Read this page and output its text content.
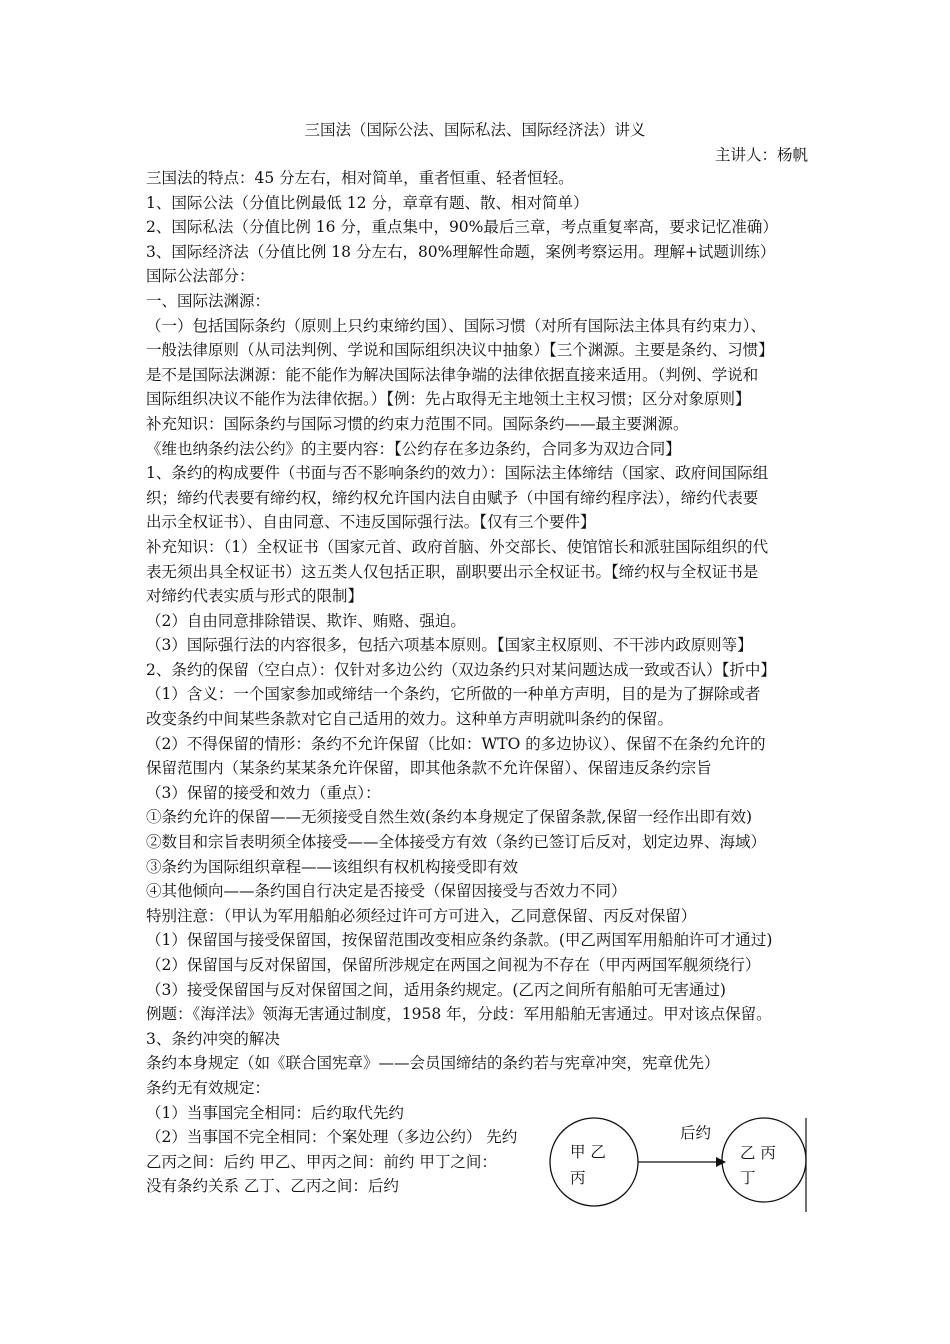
三国法（国际公法、国际私法、国际经济法）讲义
主讲人：杨帆
三国法的特点：45 分左右，相对简单，重者恒重、轻者恒轻。
1、国际公法（分值比例最低 12 分，章章有题、散、相对简单）
2、国际私法（分值比例 16 分，重点集中，90%最后三章，考点重复率高，要求记忆准确）
3、国际经济法（分值比例 18 分左右，80%理解性命题，案例考察运用。理解+试题训练）
国际公法部分：
一、国际法渊源：
（一）包括国际条约（原则上只约束缔约国）、国际习惯（对所有国际法主体具有约束力）、
一般法律原则（从司法判例、学说和国际组织决议中抽象）【三个渊源。主要是条约、习惯】
是不是国际法渊源：能不能作为解决国际法律争端的法律依据直接来适用。（判例、学说和
国际组织决议不能作为法律依据。）【例：先占取得无主地领土主权习惯；区分对象原则】
补充知识：国际条约与国际习惯的约束力范围不同。国际条约——最主要渊源。
《维也纳条约法公约》的主要内容：【公约存在多边条约，合同多为双边合同】
1、条约的构成要件（书面与否不影响条约的效力）：国际法主体缔结（国家、政府间国际组
织；缔约代表要有缔约权，缔约权允许国内法自由赋予（中国有缔约程序法），缔约代表要
出示全权证书）、自由同意、不违反国际强行法。【仅有三个要件】
补充知识：（1）全权证书（国家元首、政府首脑、外交部长、使馆馆长和派驻国际组织的代
表无须出具全权证书）这五类人仅包括正职，副职要出示全权证书。【缔约权与全权证书是
对缔约代表实质与形式的限制】
（2）自由同意排除错误、欺诈、贿赂、强迫。
（3）国际强行法的内容很多，包括六项基本原则。【国家主权原则、不干涉内政原则等】
2、条约的保留（空白点）：仅针对多边公约（双边条约只对某问题达成一致或否认）【折中】
（1）含义：一个国家参加或缔结一个条约，它所做的一种单方声明，目的是为了摒除或者
改变条约中间某些条款对它自己适用的效力。这种单方声明就叫条约的保留。
（2）不得保留的情形：条约不允许保留（比如：WTO 的多边协议）、保留不在条约允许的
保留范围内（某条约某某条允许保留，即其他条款不允许保留）、保留违反条约宗旨
（3）保留的接受和效力（重点）：
①条约允许的保留——无须接受自然生效(条约本身规定了保留条款,保留一经作出即有效)
②数目和宗旨表明须全体接受——全体接受方有效（条约已签订后反对，划定边界、海域）
③条约为国际组织章程——该组织有权机构接受即有效
④其他倾向——条约国自行决定是否接受（保留因接受与否效力不同）
特别注意：（甲认为军用船舶必须经过许可方可进入，乙同意保留、丙反对保留）
（1）保留国与接受保留国，按保留范围改变相应条约条款。(甲乙两国军用船舶许可才通过)
（2）保留国与反对保留国，保留所涉规定在两国之间视为不存在（甲丙两国军舰须绕行）
（3）接受保留国与反对保留国之间，适用条约规定。(乙丙之间所有船舶可无害通过)
例题：《海洋法》领海无害通过制度，1958 年，分歧：军用船舶无害通过。甲对该点保留。
3、条约冲突的解决
条约本身规定（如《联合国宪章》——会员国缔结的条约若与宪章冲突，宪章优先）
条约无有效规定：
（1）当事国完全相同：后约取代先约
（2）当事国不完全相同：个案处理（多边公约） 先约
乙丙之间：后约 甲乙、甲丙之间：前约 甲丁之间：
没有条约关系 乙丁、乙丙之间：后约
甲 乙
丙
后约
乙 丙
丁
